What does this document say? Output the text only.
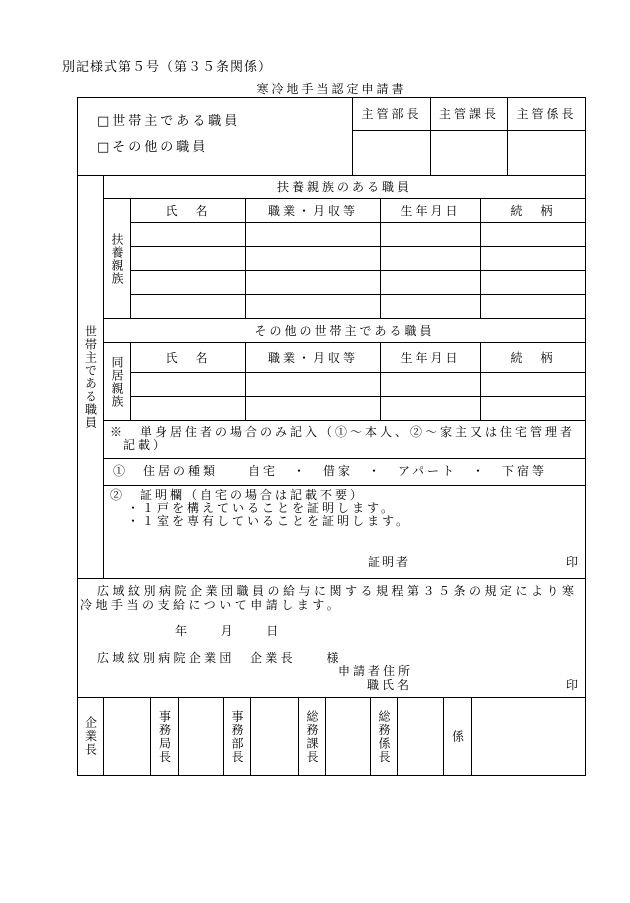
別記様式第５号（第３５条関係）
寒冷地手当認定申請書
□世帯主である職員
□その他の職員
主管部長 主管課長 主管係長
世帯主である職員
扶養親族のある職員
扶養親族
氏　名	職業・月収等	生年月日	続　柄
その他の世帯主である職員
同居親族	氏　名	職業・月収等	生年月日	続　柄
※　単身居住者の場合のみ記入（①～本人、②～家主又は住宅管理者記載）
①　住居の種類　　自宅　・　借家　・　アパート　・　下宿等
②　証明欄（自宅の場合は記載不要）
・１戸を構えていることを証明します。
・１室を専有していることを証明します。
証明者	印
広域紋別病院企業団職員の給与に関する規程第３５条の規定により寒冷地手当の支給について申請します。
年　　月　　日
広域紋別病院企業団　企業長　　様
申請者住所
職氏名	印
企業長	事務局長	事務部長	総務課長	総務係長	係
